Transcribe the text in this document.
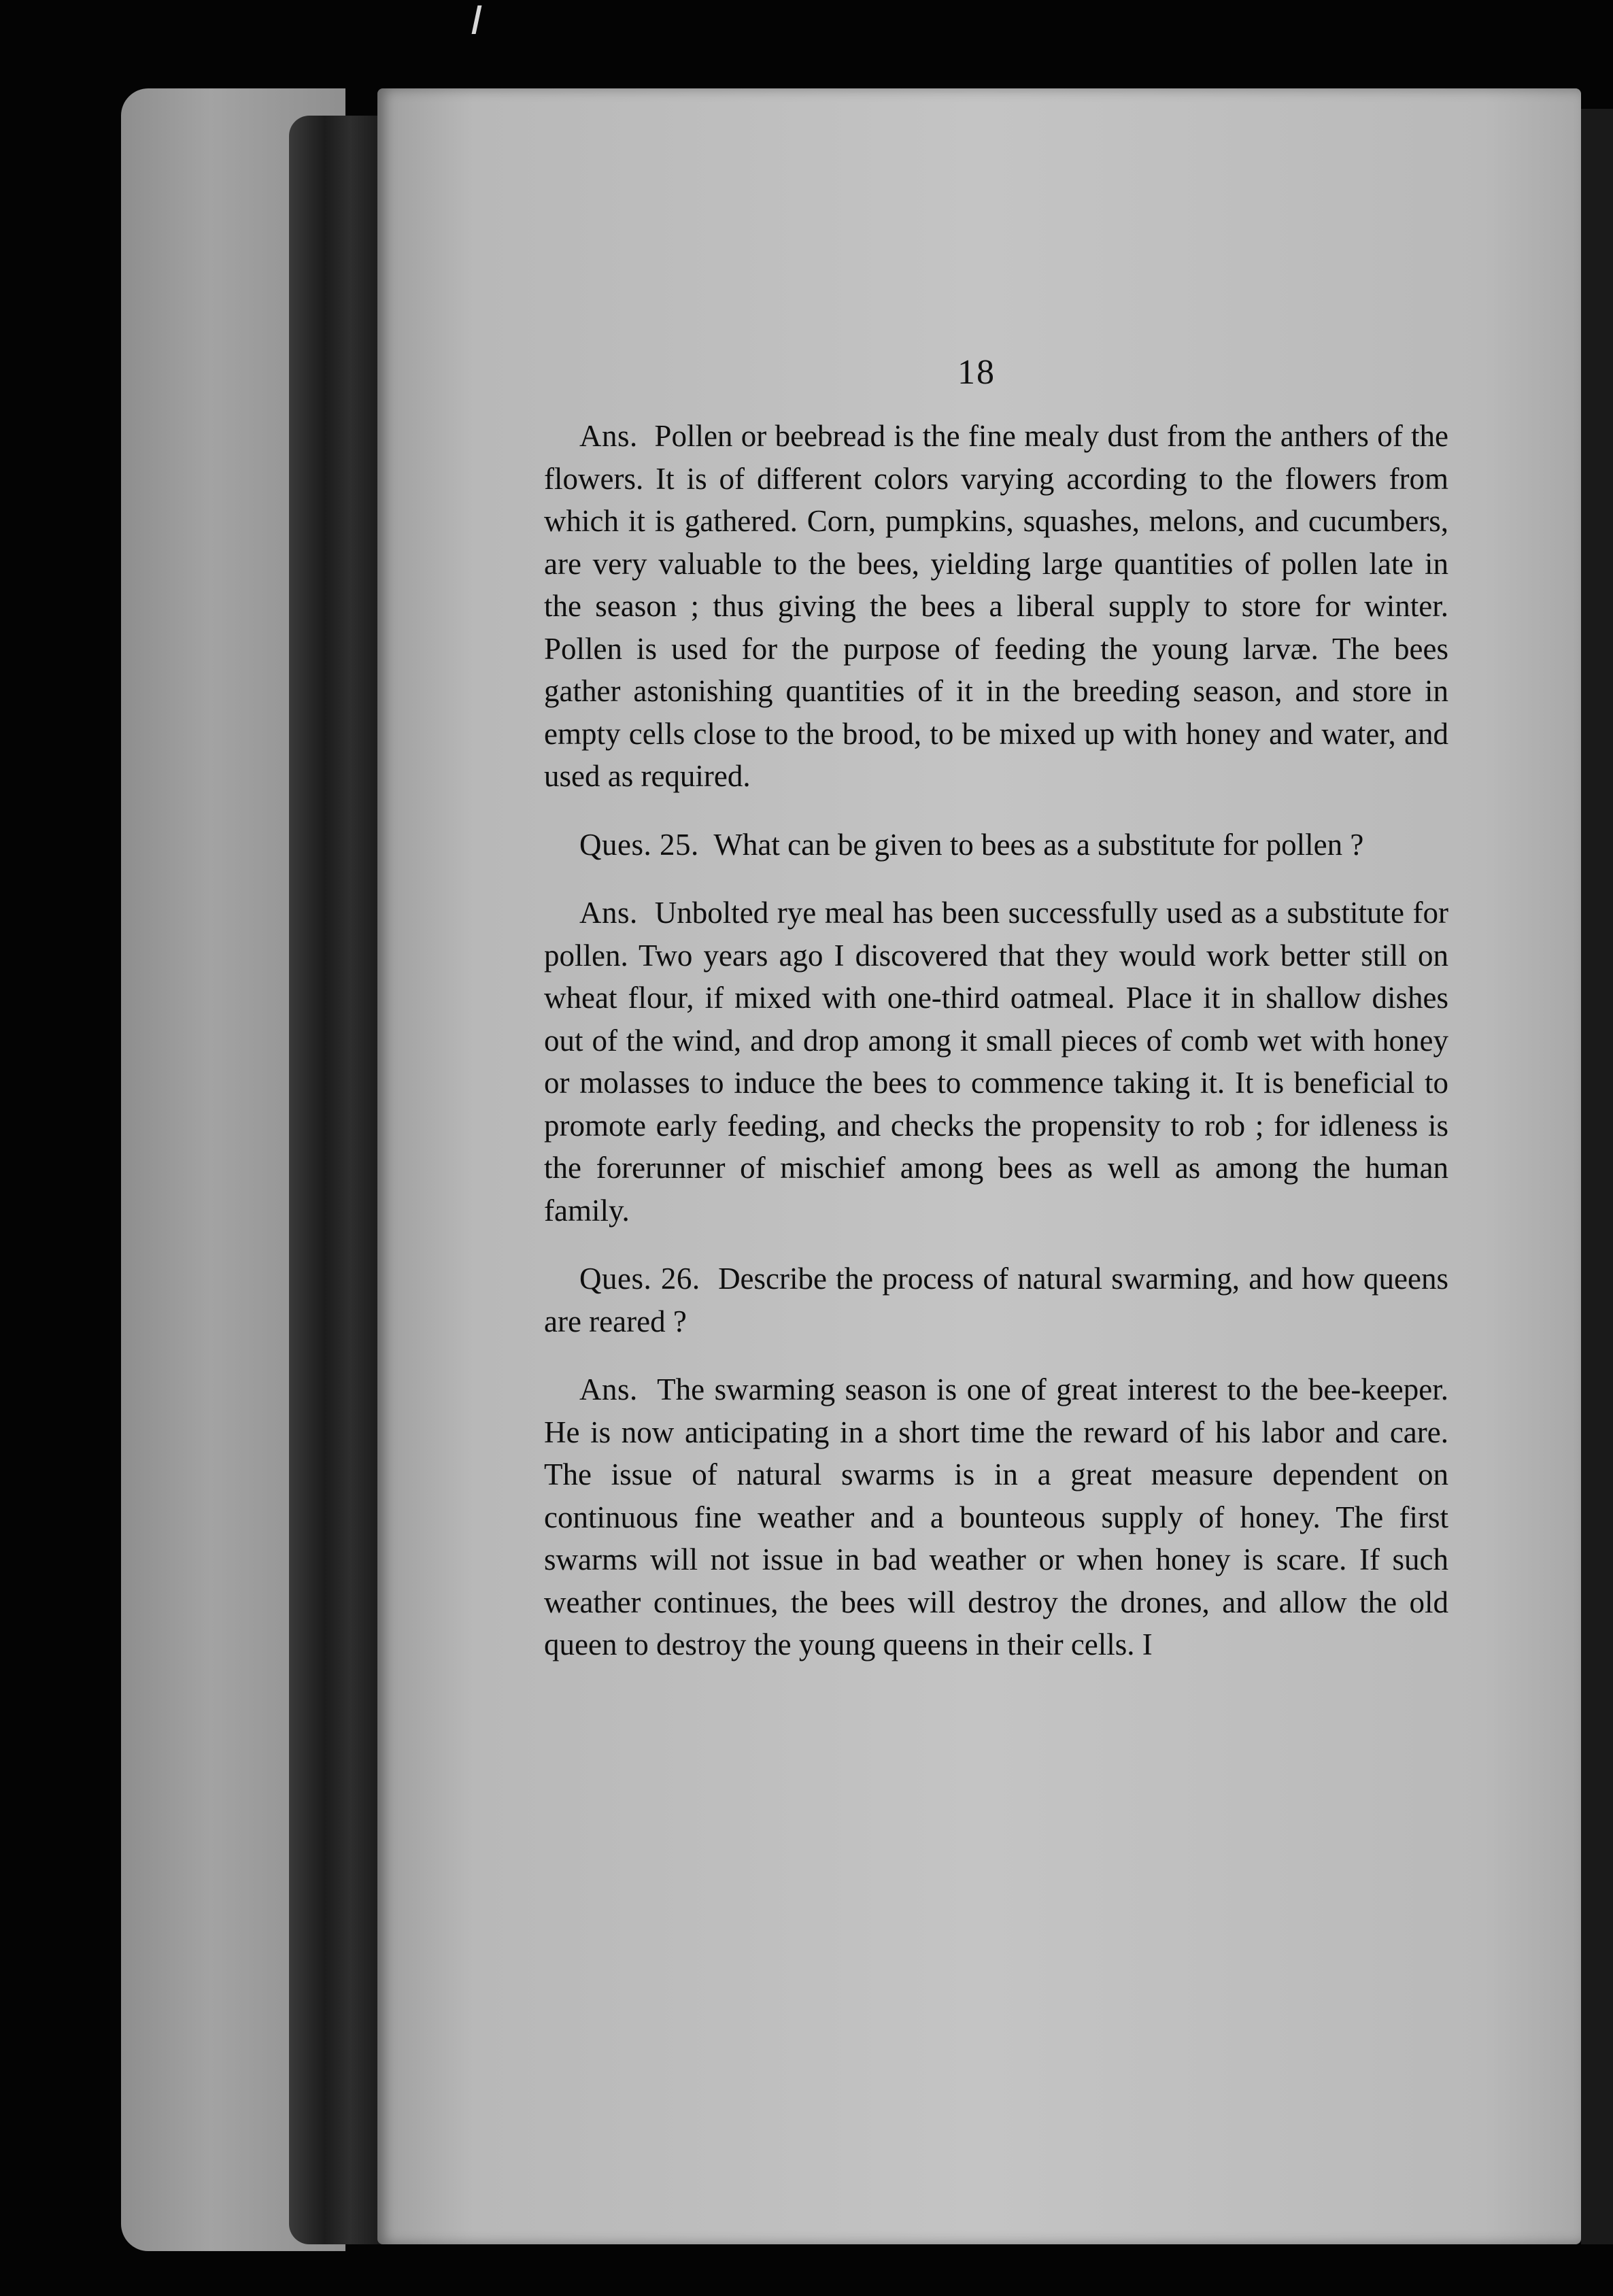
18

Ans. Pollen or beebread is the fine mealy dust from the anthers of the flowers. It is of different colors varying according to the flowers from which it is gathered. Corn, pumpkins, squashes, melons, and cucumbers, are very valuable to the bees, yielding large quantities of pollen late in the season ; thus giving the bees a liberal supply to store for winter. Pollen is used for the purpose of feeding the young larvæ. The bees gather astonishing quantities of it in the breeding season, and store in empty cells close to the brood, to be mixed up with honey and water, and used as required.

Ques. 25. What can be given to bees as a substitute for pollen ?

Ans. Unbolted rye meal has been successfully used as a substitute for pollen. Two years ago I discovered that they would work better still on wheat flour, if mixed with one-third oatmeal. Place it in shallow dishes out of the wind, and drop among it small pieces of comb wet with honey or molasses to induce the bees to commence taking it. It is beneficial to promote early feeding, and checks the propensity to rob ; for idleness is the forerunner of mischief among bees as well as among the human family.

Ques. 26. Describe the process of natural swarming, and how queens are reared ?

Ans. The swarming season is one of great interest to the bee-keeper. He is now anticipating in a short time the reward of his labor and care. The issue of natural swarms is in a great measure dependent on continuous fine weather and a bounteous supply of honey. The first swarms will not issue in bad weather or when honey is scare. If such weather continues, the bees will destroy the drones, and allow the old queen to destroy the young queens in their cells. I
